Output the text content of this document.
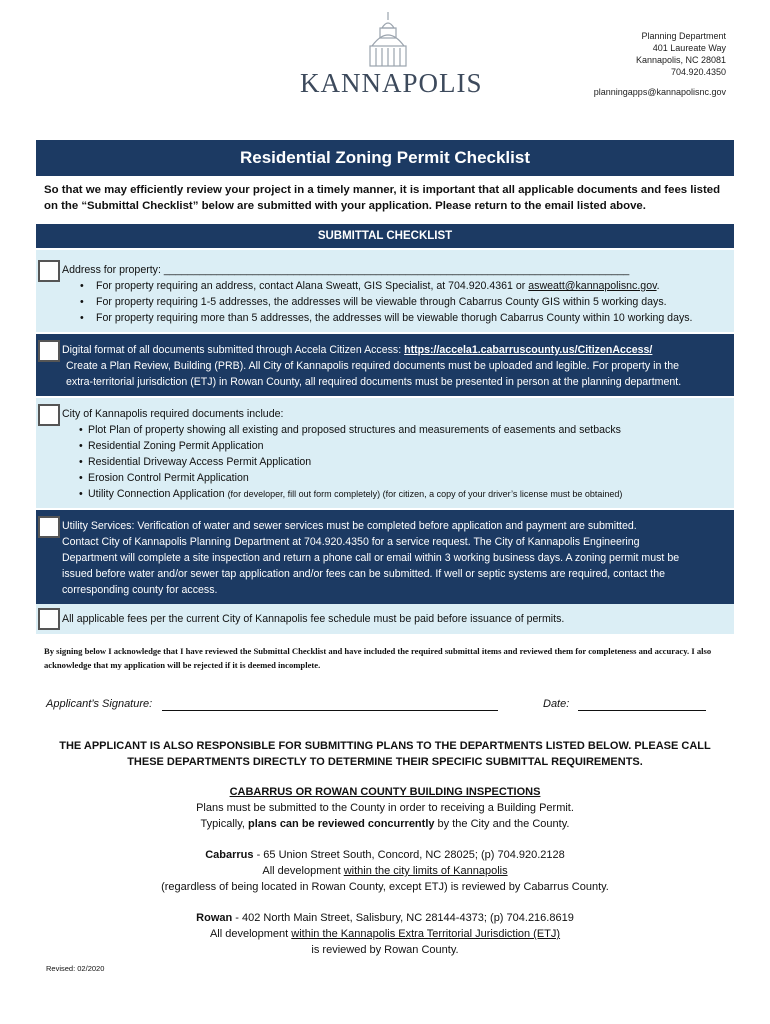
KANNAPOLIS
Planning Department
401 Laureate Way
Kannapolis, NC 28081
704.920.4350
planningapps@kannapolisnc.gov
Residential Zoning Permit Checklist
So that we may efficiently review your project in a timely manner, it is important that all applicable documents and fees listed on the “Submittal Checklist” below are submitted with your application. Please return to the email listed above.
SUBMITTAL CHECKLIST
Address for property: _______________________________________________________________________________
• For property requiring an address, contact Alana Sweatt, GIS Specialist, at 704.920.4361 or asweatt@kannapolisnc.gov.
• For property requiring 1-5 addresses, the addresses will be viewable through Cabarrus County GIS within 5 working days.
• For property requiring more than 5 addresses, the addresses will be viewable thorugh Cabarrus County within 10 working days.
Digital format of all documents submitted through Accela Citizen Access: https://accela1.cabarruscounty.us/CitizenAccess/
Create a Plan Review, Building (PRB). All City of Kannapolis required documents must be uploaded and legible. For property in the
extra-territorial jurisdiction (ETJ) in Rowan County, all required documents must be presented in person at the planning department.
City of Kannapolis required documents include:
• Plot Plan of property showing all existing and proposed structures and measurements of easements and setbacks
• Residential Zoning Permit Application
• Residential Driveway Access Permit Application
• Erosion Control Permit Application
• Utility Connection Application (for developer, fill out form completely) (for citizen, a copy of your driver’s license must be obtained)
Utility Services: Verification of water and sewer services must be completed before application and payment are submitted.
Contact City of Kannapolis Planning Department at 704.920.4350 for a service request. The City of Kannapolis Engineering
Department will complete a site inspection and return a phone call or email within 3 working business days. A zoning permit must be
issued before water and/or sewer tap application and/or fees can be submitted. If well or septic systems are required, contact the
corresponding county for access.
All applicable fees per the current City of Kannapolis fee schedule must be paid before issuance of permits.
By signing below I acknowledge that I have reviewed the Submittal Checklist and have included the required submittal items and reviewed them for completeness and accuracy. I also acknowledge that my application will be rejected if it is deemed incomplete.
Applicant’s Signature:	Date:
THE APPLICANT IS ALSO RESPONSIBLE FOR SUBMITTING PLANS TO THE DEPARTMENTS LISTED BELOW. PLEASE CALL THESE DEPARTMENTS DIRECTLY TO DETERMINE THEIR SPECIFIC SUBMITTAL REQUIREMENTS.
CABARRUS OR ROWAN COUNTY BUILDING INSPECTIONS
Plans must be submitted to the County in order to receiving a Building Permit.
Typically, plans can be reviewed concurrently by the City and the County.
Cabarrus - 65 Union Street South, Concord, NC 28025; (p) 704.920.2128
All development within the city limits of Kannapolis
(regardless of being located in Rowan County, except ETJ) is reviewed by Cabarrus County.
Rowan - 402 North Main Street, Salisbury, NC 28144-4373; (p) 704.216.8619
All development within the Kannapolis Extra Territorial Jurisdiction (ETJ)
is reviewed by Rowan County.
Revised: 02/2020
